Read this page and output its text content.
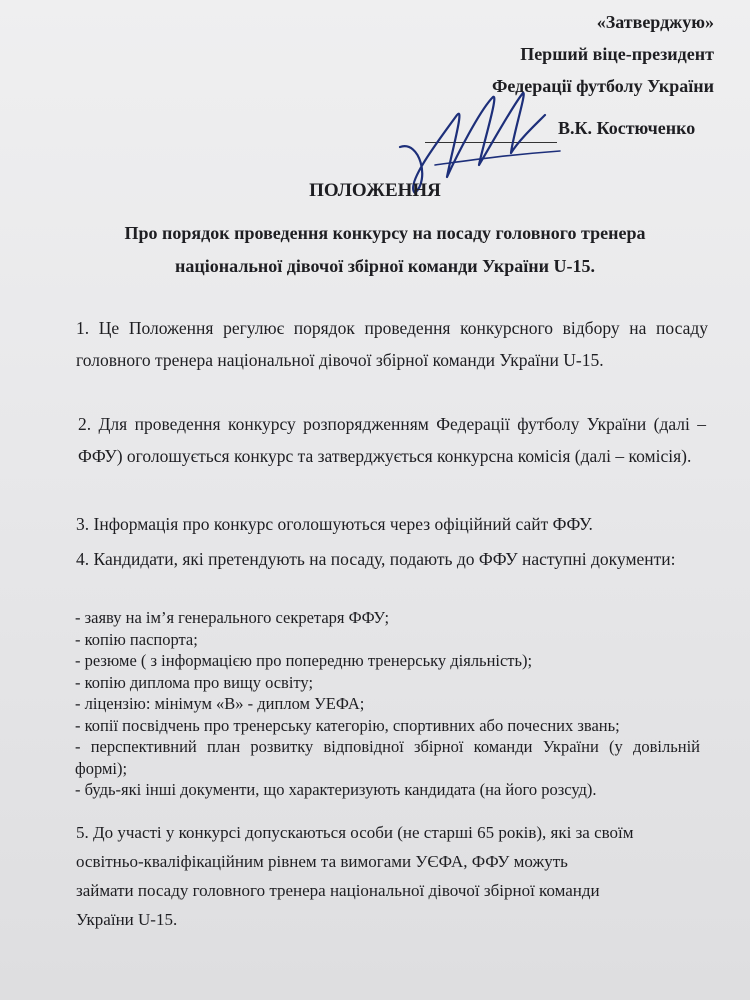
«Затверджую»
Перший віце-президент
Федерації футболу України
В.К. Костюченко
ПОЛОЖЕННЯ
Про порядок проведення конкурсу на посаду головного тренера
національної дівочої збірної команди України U-15.
1. Це Положення регулює порядок проведення конкурсного відбору на посаду головного тренера національної дівочої збірної команди України U-15.
2. Для проведення конкурсу розпорядженням Федерації футболу України (далі – ФФУ) оголошується конкурс та затверджується конкурсна комісія (далі – комісія).
3. Інформація про конкурс оголошуються через офіційний сайт ФФУ.
4. Кандидати, які претендують на посаду, подають до ФФУ наступні документи:
- заяву на ім’я генерального секретаря ФФУ;
- копію паспорта;
- резюме ( з інформацією про попередню тренерську діяльність);
- копію диплома про вищу освіту;
- ліцензію: мінімум «В» - диплом УЕФА;
- копії посвідчень про тренерську категорію, спортивних або почесних звань;
- перспективний план розвитку відповідної збірної команди України (у довільній формі);
- будь-які інші документи, що характеризують кандидата (на його розсуд).
5. До участі у конкурсі допускаються особи (не старші 65 років), які за своїм
освітньо-кваліфікаційним рівнем та вимогами УЄФА, ФФУ можуть
займати посаду головного тренера національної дівочої збірної команди
України U-15.
